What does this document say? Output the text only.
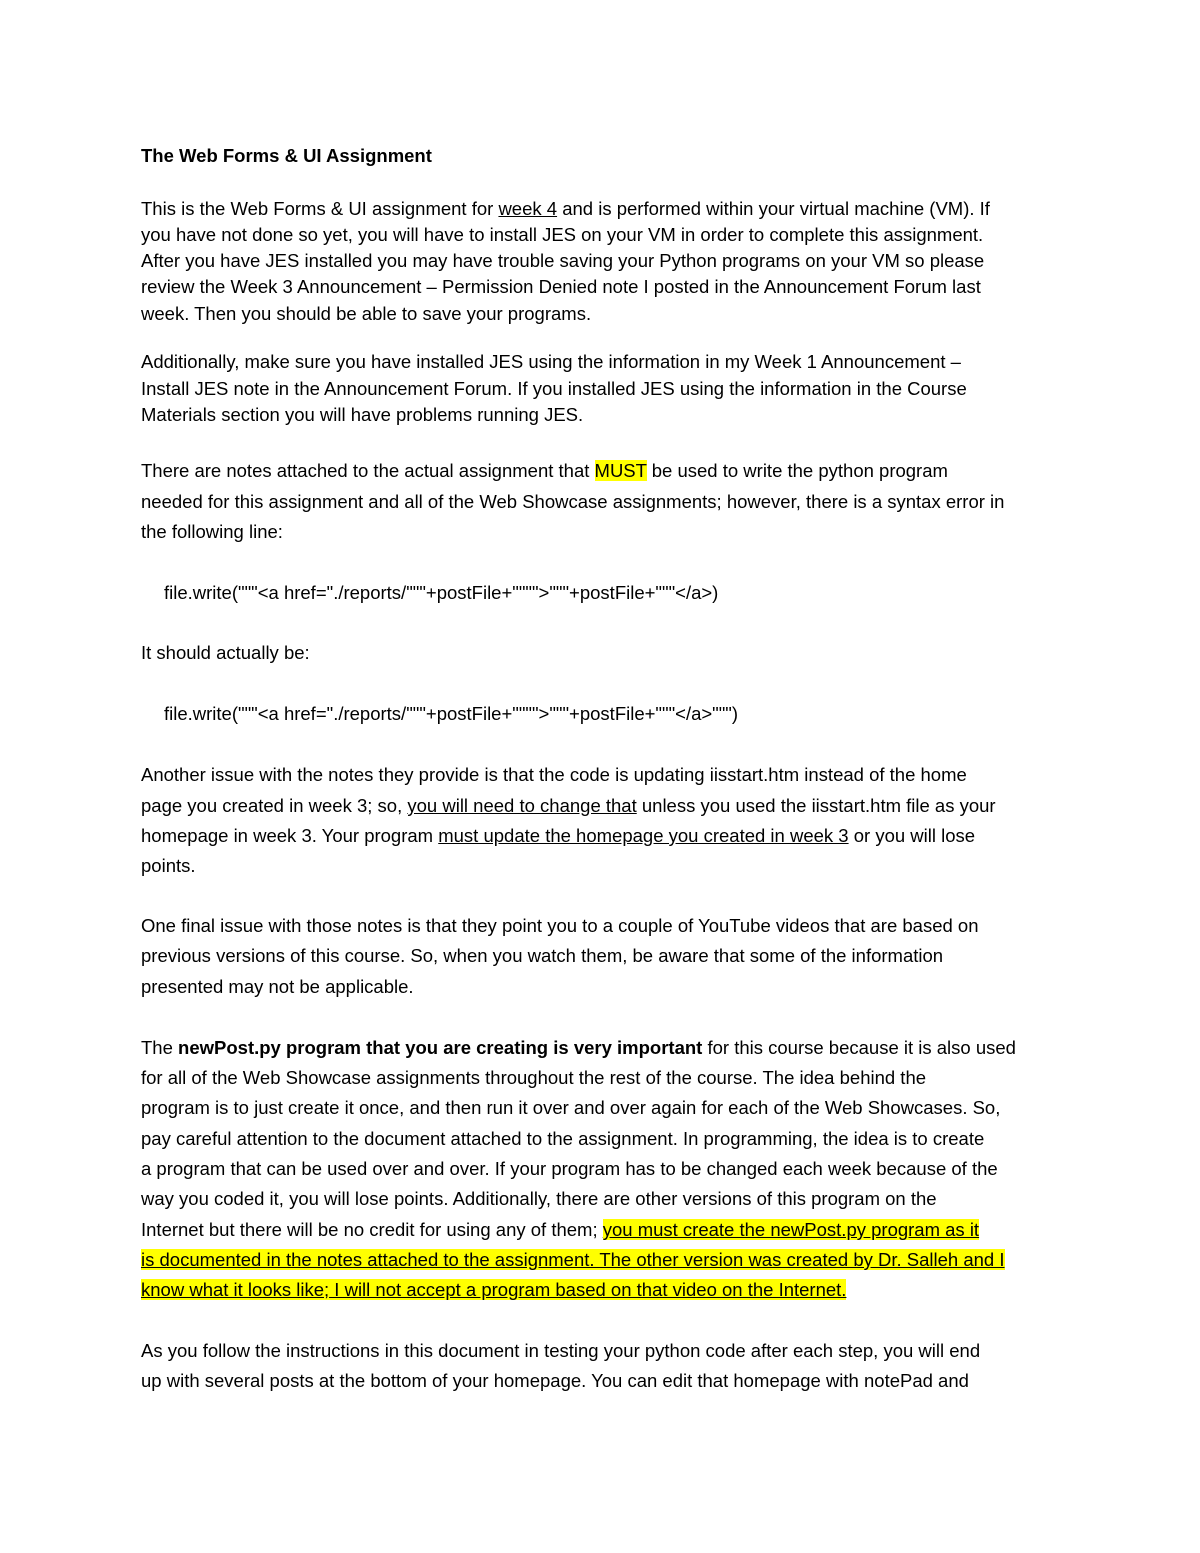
The Web Forms & UI Assignment
This is the Web Forms & UI assignment for week 4 and is performed within your virtual machine (VM). If
you have not done so yet, you will have to install JES on your VM in order to complete this assignment.
After you have JES installed you may have trouble saving your Python programs on your VM so please
review the Week 3 Announcement – Permission Denied note I posted in the Announcement Forum last
week. Then you should be able to save your programs.
Additionally, make sure you have installed JES using the information in my Week 1 Announcement –
Install JES note in the Announcement Forum. If you installed JES using the information in the Course
Materials section you will have problems running JES.
There are notes attached to the actual assignment that MUST be used to write the python program
needed for this assignment and all of the Web Showcase assignments; however, there is a syntax error in
the following line:
file.write("""<a href="./reports/"""+postFile+"""">"""+postFile+"""</a>)
It should actually be:
file.write("""<a href="./reports/"""+postFile+"""">"""+postFile+"""</a>""")
Another issue with the notes they provide is that the code is updating iisstart.htm instead of the home
page you created in week 3; so, you will need to change that unless you used the iisstart.htm file as your
homepage in week 3. Your program must update the homepage you created in week 3 or you will lose
points.
One final issue with those notes is that they point you to a couple of YouTube videos that are based on
previous versions of this course. So, when you watch them, be aware that some of the information
presented may not be applicable.
The newPost.py program that you are creating is very important for this course because it is also used
for all of the Web Showcase assignments throughout the rest of the course. The idea behind the
program is to just create it once, and then run it over and over again for each of the Web Showcases. So,
pay careful attention to the document attached to the assignment. In programming, the idea is to create
a program that can be used over and over. If your program has to be changed each week because of the
way you coded it, you will lose points. Additionally, there are other versions of this program on the
Internet but there will be no credit for using any of them; you must create the newPost.py program as it
is documented in the notes attached to the assignment. The other version was created by Dr. Salleh and I
know what it looks like; I will not accept a program based on that video on the Internet.
As you follow the instructions in this document in testing your python code after each step, you will end
up with several posts at the bottom of your homepage. You can edit that homepage with notePad and
